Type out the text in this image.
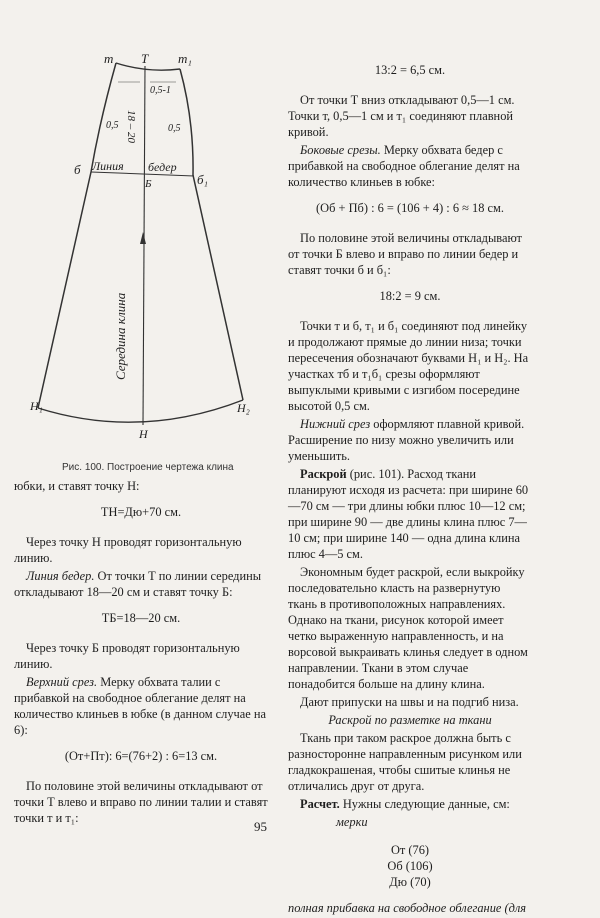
т Т т₁
0,5-1
18 – 20
0,5	0,5
б Линия бедер
Б	б₁
Середина клина
Н₁
Н
Н₂
Рис. 100. Построение чертежа клина

юбки, и ставят точку Н:

ТН=Дю+70 см.

Через точку Н проводят горизонтальную линию.

Линия бедер. От точки Т по линии середины откладывают 18—20 см и ставят точку Б:

ТБ=18—20 см.

Через точку Б проводят горизонтальную линию.

Верхний срез. Мерку обхвата талии с прибавкой на свободное облегание делят на количество клиньев в юбке (в данном случае на 6):

(От+Пт): 6=(76+2) : 6=13 см.

По половине этой величины откладывают от точки Т влево и вправо по линии талии и ставят точки т и т₁:

13:2 = 6,5 см.

От точки Т вниз откладывают 0,5—1 см. Точки т, 0,5—1 см и т₁ соединяют плавной кривой.

Боковые срезы. Мерку обхвата бедер с прибавкой на свободное облегание делят на количество клиньев в юбке:

(Об + Пб) : 6 = (106 + 4) : 6 ≈ 18 см.

По половине этой величины откладывают от точки Б влево и вправо по линии бедер и ставят точки б и б₁:

18:2 = 9 см.

Точки т и б, т₁ и б₁ соединяют под линейку и продолжают прямые до линии низа; точки пересечения обозначают буквами Н₁ и Н₂. На участках тб и т₁б₁ срезы оформляют выпуклыми кривыми с изгибом посередине высотой 0,5 см.

Нижний срез оформляют плавной кривой. Расширение по низу можно увеличить или уменьшить.

Раскрой (рис. 101). Расход ткани планируют исходя из расчета: при ширине 60—70 см — три длины юбки плюс 10—12 см; при ширине 90 — две длины клина плюс 7—10 см; при ширине 140 — одна длина клина плюс 4—5 см.

Экономным будет раскрой, если выкройку последовательно класть на развернутую ткань в противоположных направлениях. Однако на ткани, рисунок которой имеет четко выраженную направленность, и на ворсовой выкраивать клинья следует в одном направлении. Ткани в этом случае понадобится больше на длину клина.

Дают припуски на швы и на подгиб низа.

Раскрой по разметке на ткани

Ткань при таком раскрое должна быть с разносторонне направленным рисунком или гладкокрашеная, чтобы сшитые клинья не отличались друг от друга.

Расчет. Нужны следующие данные, см:

мерки

От (76)

Об (106)

Дю (70)

полная прибавка на свободное облегание (для

95
